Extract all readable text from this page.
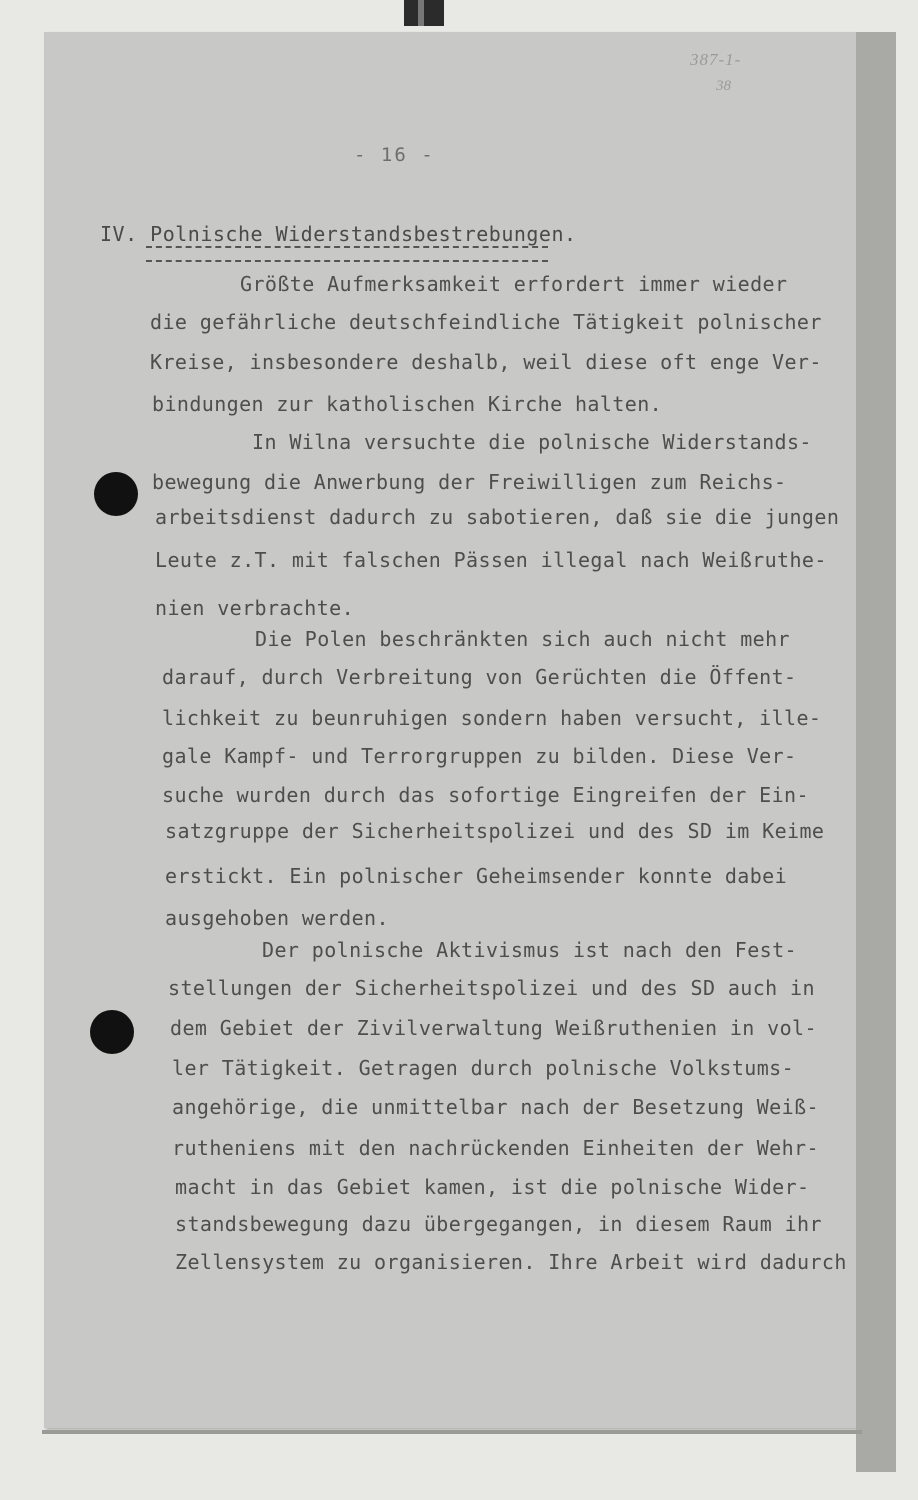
387-1-
38
- 16 -
IV. Polnische Widerstandsbestrebungen.
Größte Aufmerksamkeit erfordert immer wieder
die gefährliche deutschfeindliche Tätigkeit polnischer
Kreise, insbesondere deshalb, weil diese oft enge Ver-
bindungen zur katholischen Kirche halten.
In Wilna versuchte die polnische Widerstands-
bewegung die Anwerbung der Freiwilligen zum Reichs-
arbeitsdienst dadurch zu sabotieren, daß sie die jungen
Leute z.T. mit falschen Pässen illegal nach Weißruthe-
nien verbrachte.
Die Polen beschränkten sich auch nicht mehr
darauf, durch Verbreitung von Gerüchten die Öffent-
lichkeit zu beunruhigen sondern haben versucht, ille-
gale Kampf- und Terrorgruppen zu bilden. Diese Ver-
suche wurden durch das sofortige Eingreifen der Ein-
satzgruppe der Sicherheitspolizei und des SD im Keime
erstickt. Ein polnischer Geheimsender konnte dabei
ausgehoben werden.
Der polnische Aktivismus ist nach den Fest-
stellungen der Sicherheitspolizei und des SD auch in
dem Gebiet der Zivilverwaltung Weißruthenien in vol-
ler Tätigkeit. Getragen durch polnische Volkstums-
angehörige, die unmittelbar nach der Besetzung Weiß-
rutheniens mit den nachrückenden Einheiten der Wehr-
macht in das Gebiet kamen, ist die polnische Wider-
standsbewegung dazu übergegangen, in diesem Raum ihr
Zellensystem zu organisieren. Ihre Arbeit wird dadurch
